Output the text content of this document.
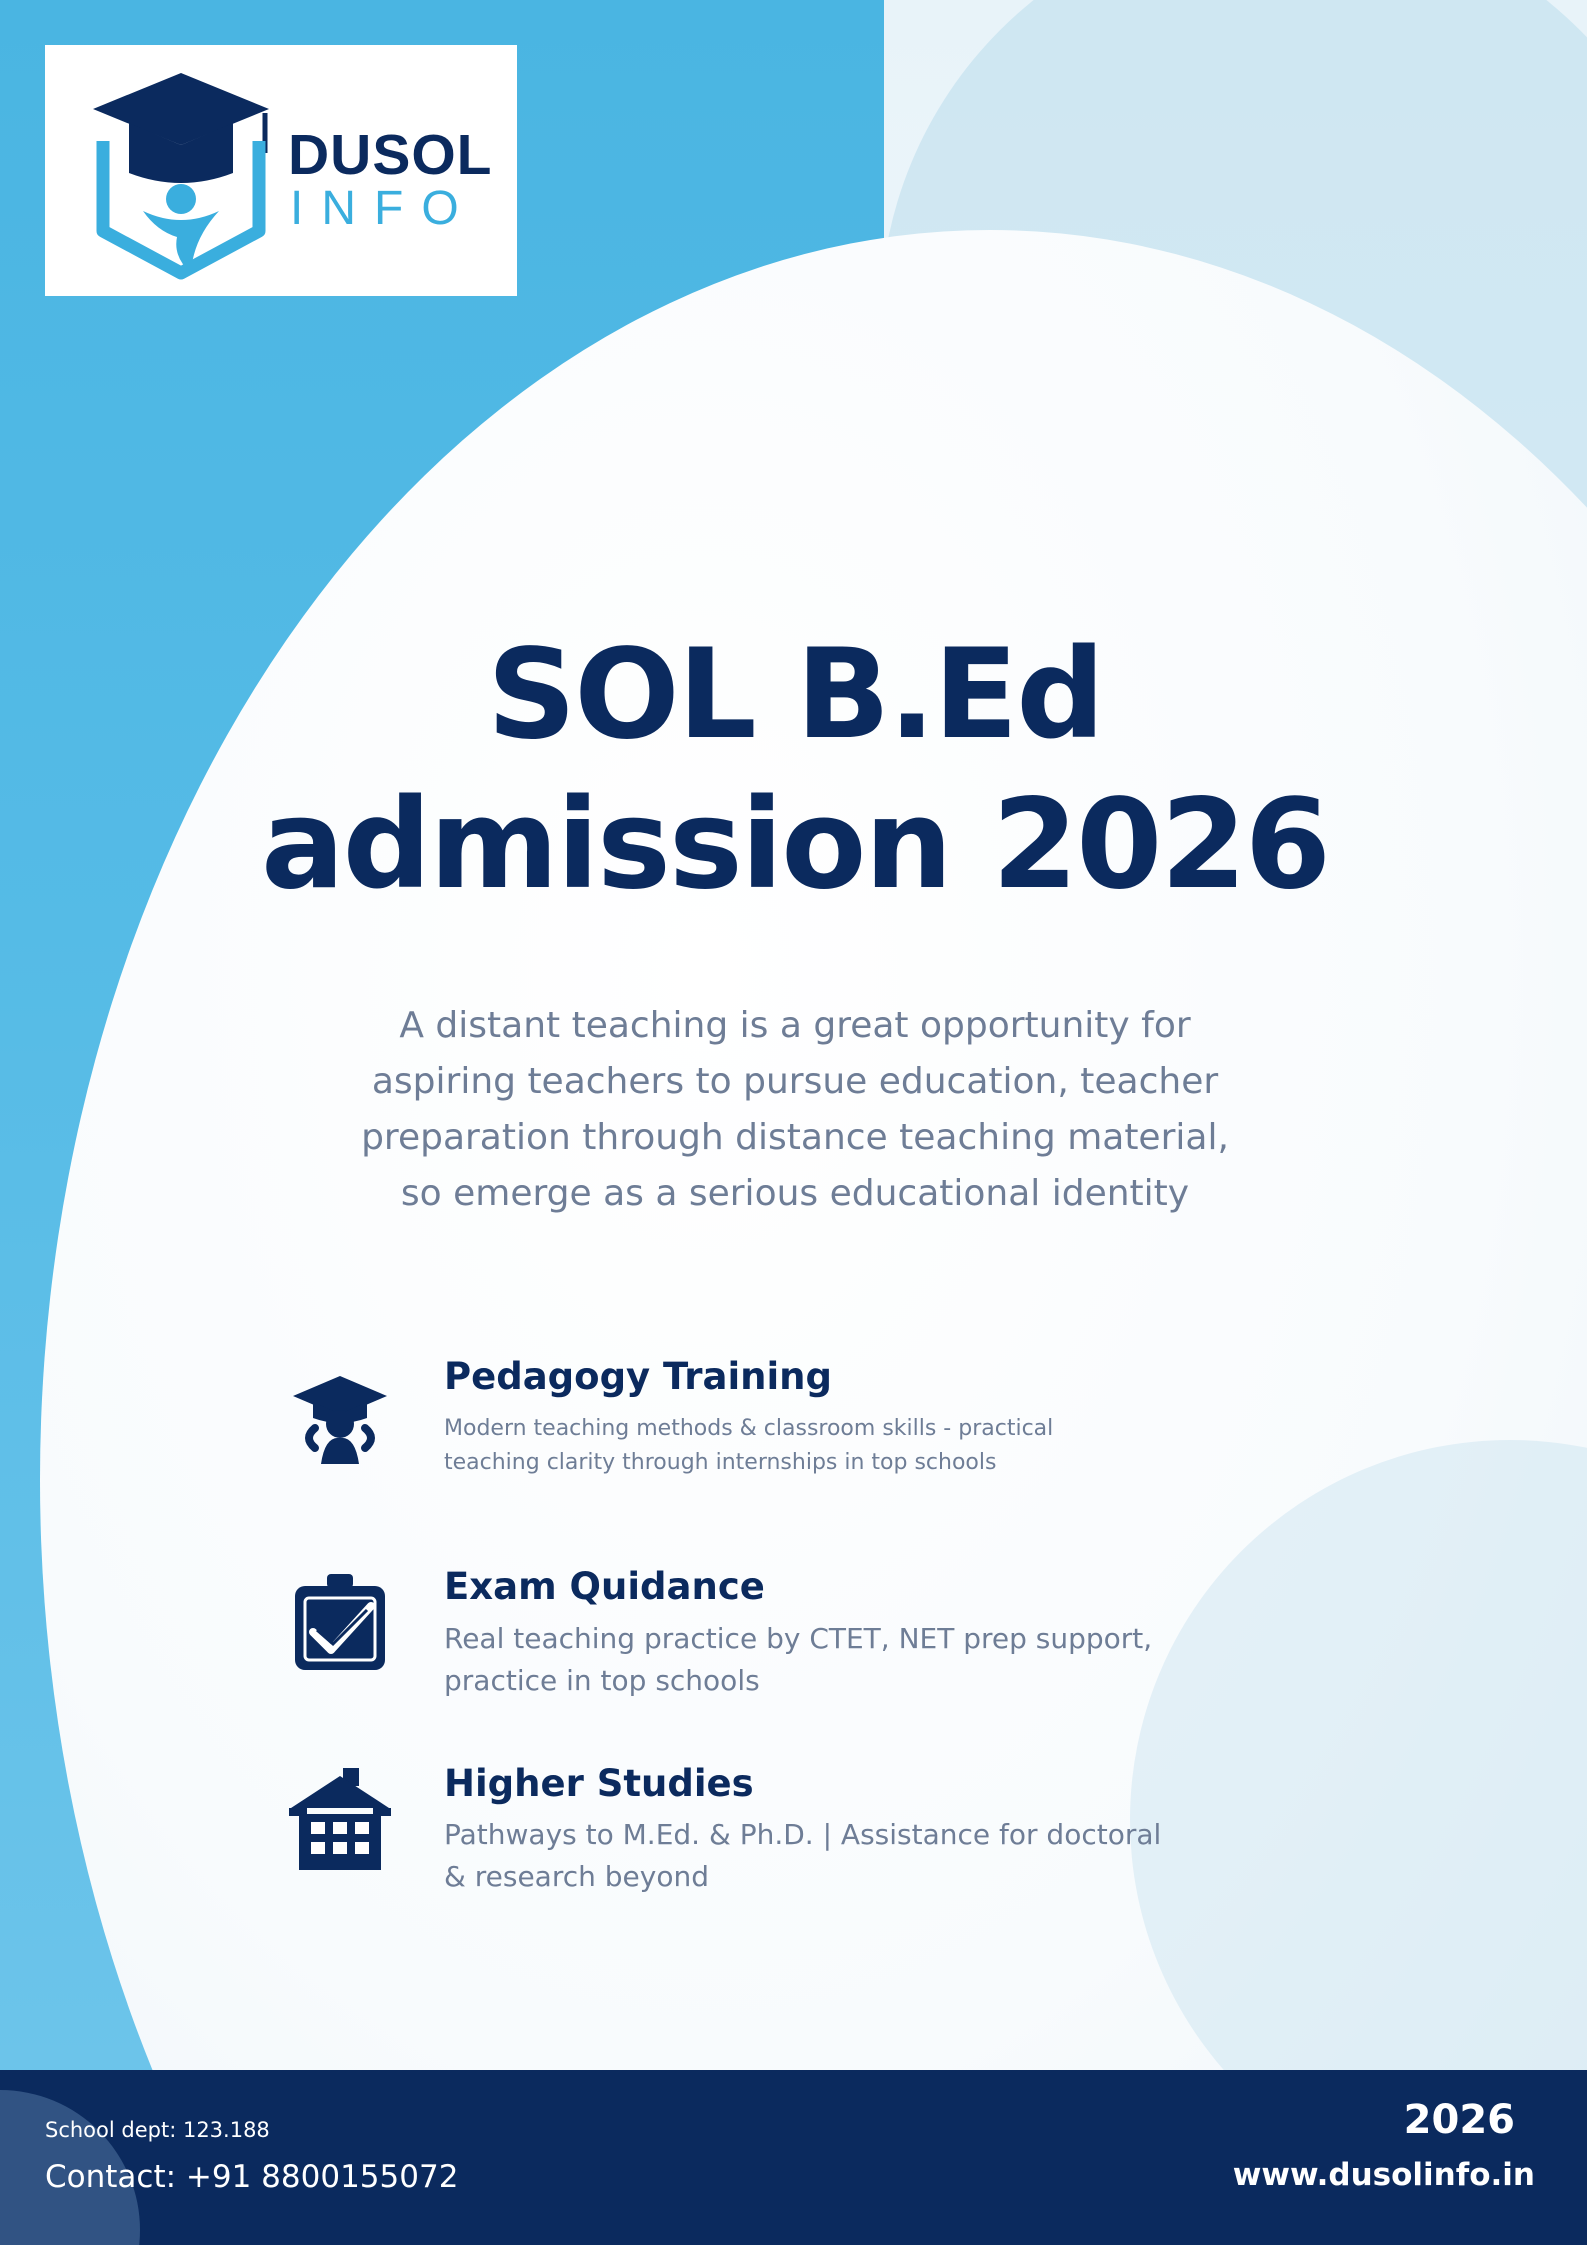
DUSOL
INFO
SOL B.Ed
admission 2026
A distant teaching is a great opportunity for
aspiring teachers to pursue education, teacher
preparation through distance teaching material,
so emerge as a serious educational identity
Pedagogy Training
Modern teaching methods & classroom skills - practical
teaching clarity through internships in top schools
Exam Quidance
Real teaching practice by CTET, NET prep support,
practice in top schools
Higher Studies
Pathways to M.Ed. & Ph.D. | Assistance for doctoral
& research beyond
School dept: 123.188
Contact: +91 8800155072
2026
www.dusolinfo.in
